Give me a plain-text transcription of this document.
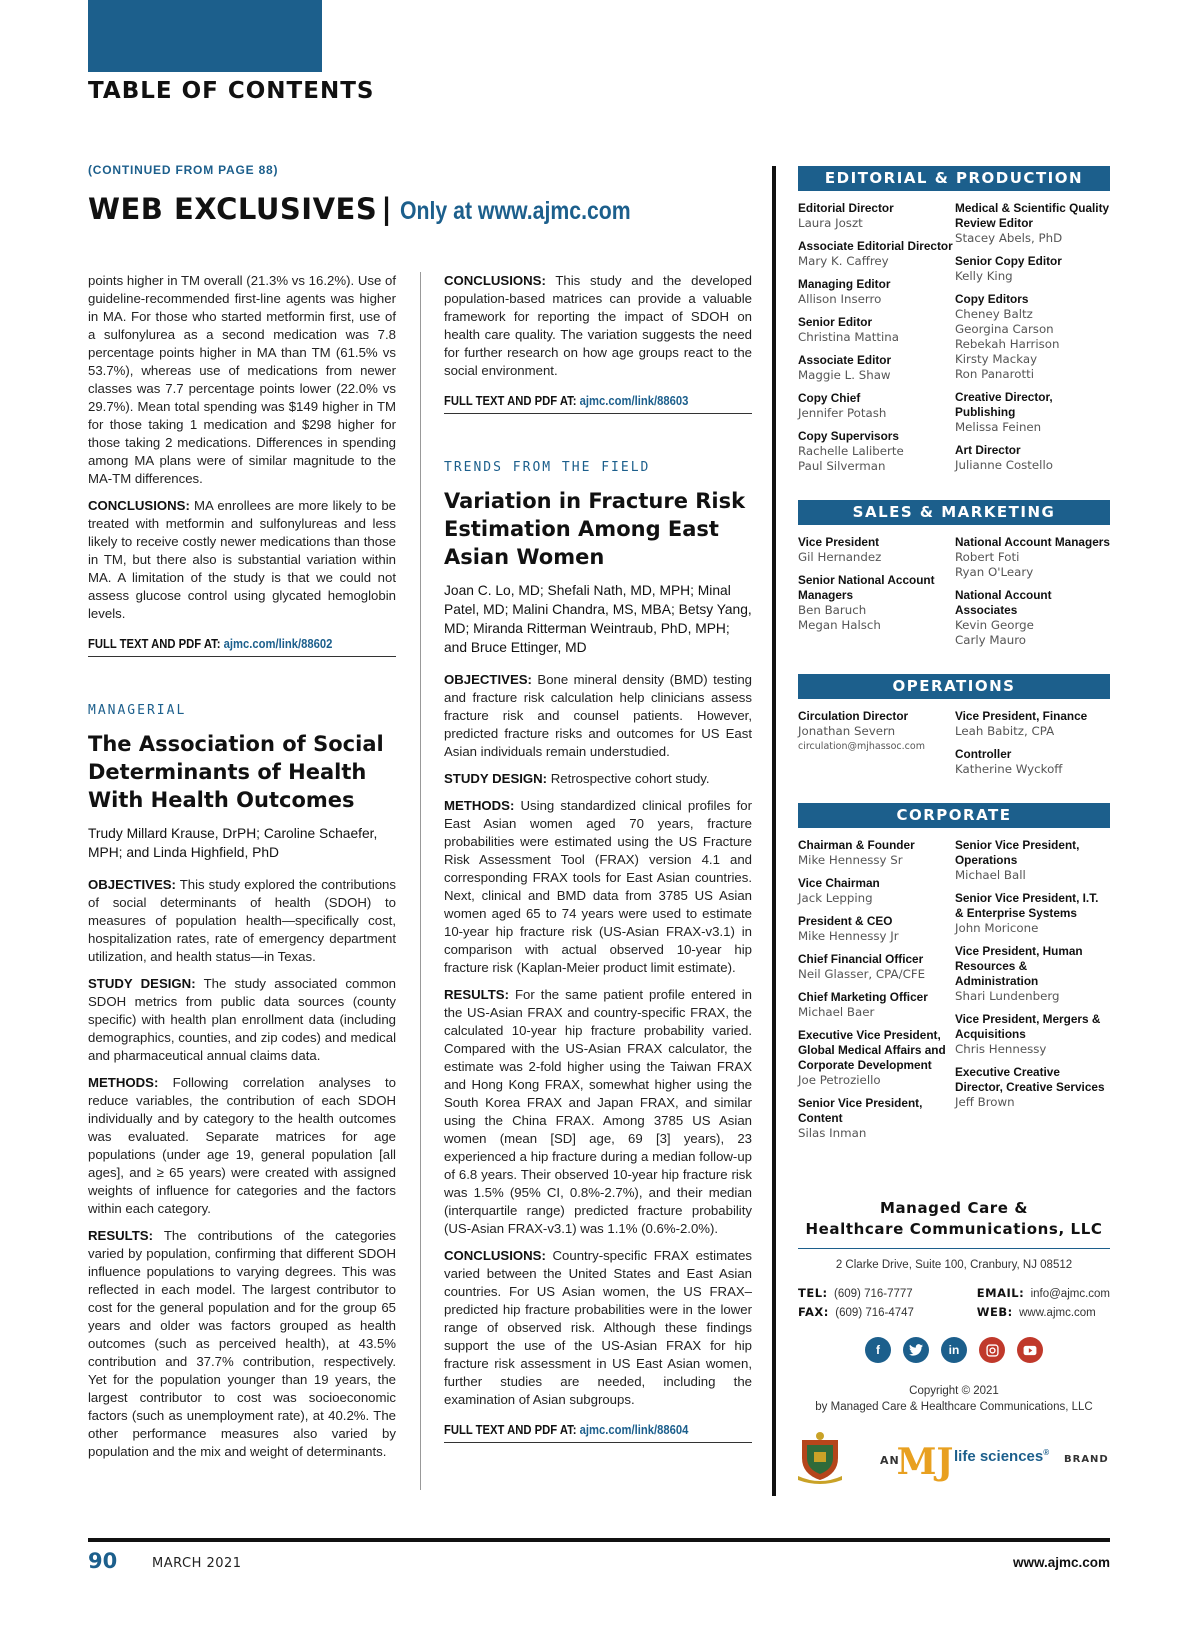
TABLE OF CONTENTS
(CONTINUED FROM PAGE 88)
WEB EXCLUSIVES | Only at www.ajmc.com

points higher in TM overall (21.3% vs 16.2%). Use of guideline-recommended first-line agents was higher in MA. For those who started metformin first, use of a sulfonylurea as a second medication was 7.8 percentage points higher in MA than TM (61.5% vs 53.7%), whereas use of medications from newer classes was 7.7 percentage points lower (22.0% vs 29.7%). Mean total spending was $149 higher in TM for those taking 1 medication and $298 higher for those taking 2 medications. Differences in spending among MA plans were of similar magnitude to the MA-TM differences.

CONCLUSIONS: MA enrollees are more likely to be treated with metformin and sulfonylureas and less likely to receive costly newer medications than those in TM, but there also is substantial variation within MA. A limitation of the study is that we could not assess glucose control using glycated hemoglobin levels.

FULL TEXT AND PDF AT: ajmc.com/link/88602
MANAGERIAL
The Association of Social Determinants of Health With Health Outcomes
Trudy Millard Krause, DrPH; Caroline Schaefer, MPH; and Linda Highfield, PhD

OBJECTIVES: This study explored the contributions of social determinants of health (SDOH) to measures of population health—specifically cost, hospitalization rates, rate of emergency department utilization, and health status—in Texas.

STUDY DESIGN: The study associated common SDOH metrics from public data sources (county specific) with health plan enrollment data (including demographics, counties, and zip codes) and medical and pharmaceutical annual claims data.

METHODS: Following correlation analyses to reduce variables, the contribution of each SDOH individually and by category to the health outcomes was evaluated. Separate matrices for age populations (under age 19, general population [all ages], and ≥ 65 years) were created with assigned weights of influence for categories and the factors within each category.

RESULTS: The contributions of the categories varied by population, confirming that different SDOH influence populations to varying degrees. This was reflected in each model. The largest contributor to cost for the general population and for the group 65 years and older was factors grouped as health outcomes (such as perceived health), at 43.5% contribution and 37.7% contribution, respectively. Yet for the population younger than 19 years, the largest contributor to cost was socioeconomic factors (such as unemployment rate), at 40.2%. The other performance measures also varied by population and the mix and weight of determinants.

CONCLUSIONS: This study and the developed population-based matrices can provide a valuable framework for reporting the impact of SDOH on health care quality. The variation suggests the need for further research on how age groups react to the social environment.

FULL TEXT AND PDF AT: ajmc.com/link/88603
TRENDS FROM THE FIELD
Variation in Fracture Risk Estimation Among East Asian Women
Joan C. Lo, MD; Shefali Nath, MD, MPH; Minal Patel, MD; Malini Chandra, MS, MBA; Betsy Yang, MD; Miranda Ritterman Weintraub, PhD, MPH; and Bruce Ettinger, MD

OBJECTIVES: Bone mineral density (BMD) testing and fracture risk calculation help clinicians assess fracture risk and counsel patients. However, predicted fracture risks and outcomes for US East Asian individuals remain understudied.

STUDY DESIGN: Retrospective cohort study.

METHODS: Using standardized clinical profiles for East Asian women aged 70 years, fracture probabilities were estimated using the US Fracture Risk Assessment Tool (FRAX) version 4.1 and corresponding FRAX tools for East Asian countries. Next, clinical and BMD data from 3785 US Asian women aged 65 to 74 years were used to estimate 10-year hip fracture risk (US-Asian FRAX-v3.1) in comparison with actual observed 10-year hip fracture risk (Kaplan-Meier product limit estimate).

RESULTS: For the same patient profile entered in the US-Asian FRAX and country-specific FRAX, the calculated 10-year hip fracture probability varied. Compared with the US-Asian FRAX calculator, the estimate was 2-fold higher using the Taiwan FRAX and Hong Kong FRAX, somewhat higher using the South Korea FRAX and Japan FRAX, and similar using the China FRAX. Among 3785 US Asian women (mean [SD] age, 69 [3] years), 23 experienced a hip fracture during a median follow-up of 6.8 years. Their observed 10-year hip fracture risk was 1.5% (95% CI, 0.8%-2.7%), and their median (interquartile range) predicted fracture probability (US-Asian FRAX-v3.1) was 1.1% (0.6%-2.0%).

CONCLUSIONS: Country-specific FRAX estimates varied between the United States and East Asian countries. For US Asian women, the US FRAX–predicted hip fracture probabilities were in the lower range of observed risk. Although these findings support the use of the US-Asian FRAX for hip fracture risk assessment in US East Asian women, further studies are needed, including the examination of Asian subgroups.

FULL TEXT AND PDF AT: ajmc.com/link/88604
EDITORIAL & PRODUCTION
Editorial Director
Laura Joszt
Associate Editorial Director
Mary K. Caffrey
Managing Editor
Allison Inserro
Senior Editor
Christina Mattina
Associate Editor
Maggie L. Shaw
Copy Chief
Jennifer Potash
Copy Supervisors
Rachelle Laliberte
Paul Silverman
Medical & Scientific Quality Review Editor
Stacey Abels, PhD
Senior Copy Editor
Kelly King
Copy Editors
Cheney Baltz
Georgina Carson
Rebekah Harrison
Kirsty Mackay
Ron Panarotti
Creative Director, Publishing
Melissa Feinen
Art Director
Julianne Costello
SALES & MARKETING
Vice President
Gil Hernandez
Senior National Account Managers
Ben Baruch
Megan Halsch
National Account Managers
Robert Foti
Ryan O'Leary
National Account Associates
Kevin George
Carly Mauro
OPERATIONS
Circulation Director
Jonathan Severn
circulation@mjhassoc.com
Vice President, Finance
Leah Babitz, CPA
Controller
Katherine Wyckoff
CORPORATE
Chairman & Founder
Mike Hennessy Sr
Vice Chairman
Jack Lepping
President & CEO
Mike Hennessy Jr
Chief Financial Officer
Neil Glasser, CPA/CFE
Chief Marketing Officer
Michael Baer
Executive Vice President, Global Medical Affairs and Corporate Development
Joe Petroziello
Senior Vice President, Content
Silas Inman
Senior Vice President, Operations
Michael Ball
Senior Vice President, I.T. & Enterprise Systems
John Moricone
Vice President, Human Resources & Administration
Shari Lundenberg
Vice President, Mergers & Acquisitions
Chris Hennessy
Executive Creative Director, Creative Services
Jeff Brown
Managed Care &
Healthcare Communications, LLC
2 Clarke Drive, Suite 100, Cranbury, NJ 08512
TEL: (609) 716-7777
FAX: (609) 716-4747
EMAIL: info@ajmc.com
WEB: www.ajmc.com
f	in
Copyright © 2021
by Managed Care & Healthcare Communications, LLC
AN
MJ life sciences®
BRAND
90	MARCH 2021	www.ajmc.com
